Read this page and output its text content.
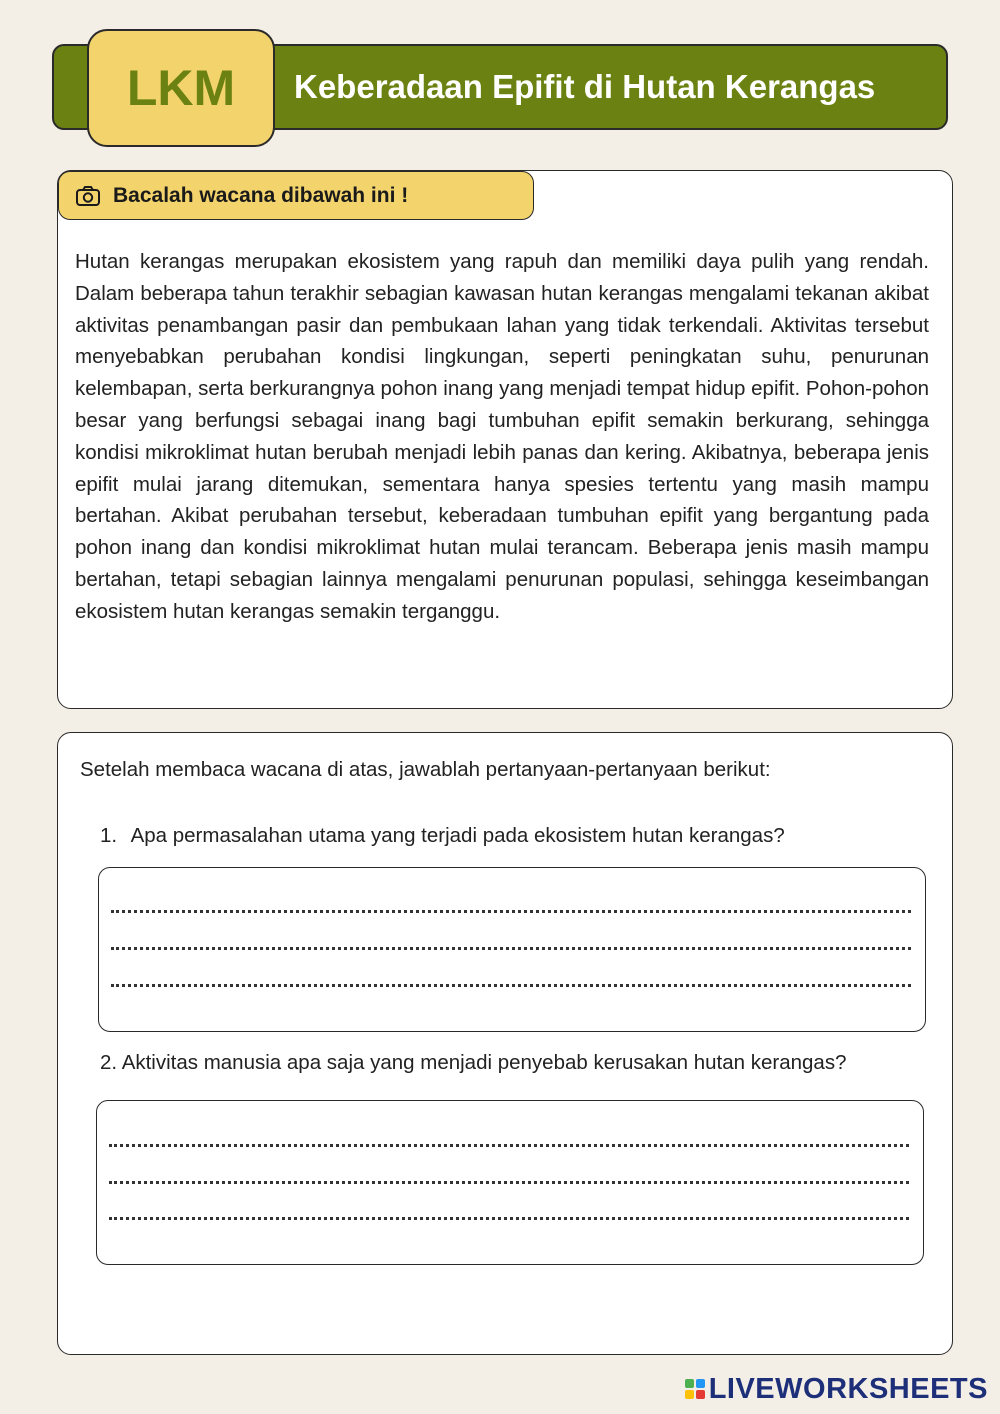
Keberadaan Epifit di Hutan Kerangas
LKM
Bacalah wacana dibawah ini !

Hutan kerangas merupakan ekosistem yang rapuh dan memiliki daya pulih yang rendah. Dalam beberapa tahun terakhir sebagian kawasan hutan kerangas mengalami tekanan akibat aktivitas penambangan pasir dan pembukaan lahan yang tidak terkendali. Aktivitas tersebut menyebabkan perubahan kondisi lingkungan, seperti peningkatan suhu, penurunan kelembapan, serta berkurangnya pohon inang yang menjadi tempat hidup epifit. Pohon-pohon besar yang berfungsi sebagai inang bagi tumbuhan epifit semakin berkurang, sehingga kondisi mikroklimat hutan berubah menjadi lebih panas dan kering. Akibatnya, beberapa jenis epifit mulai jarang ditemukan, sementara hanya spesies tertentu yang masih mampu bertahan. Akibat perubahan tersebut, keberadaan tumbuhan epifit yang bergantung pada pohon inang dan kondisi mikroklimat hutan mulai terancam. Beberapa jenis masih mampu bertahan, tetapi sebagian lainnya mengalami penurunan populasi, sehingga keseimbangan ekosistem hutan kerangas semakin terganggu.

Setelah membaca wacana di atas, jawablah pertanyaan-pertanyaan berikut:
1. Apa permasalahan utama yang terjadi pada ekosistem hutan kerangas?
2. Aktivitas manusia apa saja yang menjadi penyebab kerusakan hutan kerangas?
LIVEWORKSHEETS
